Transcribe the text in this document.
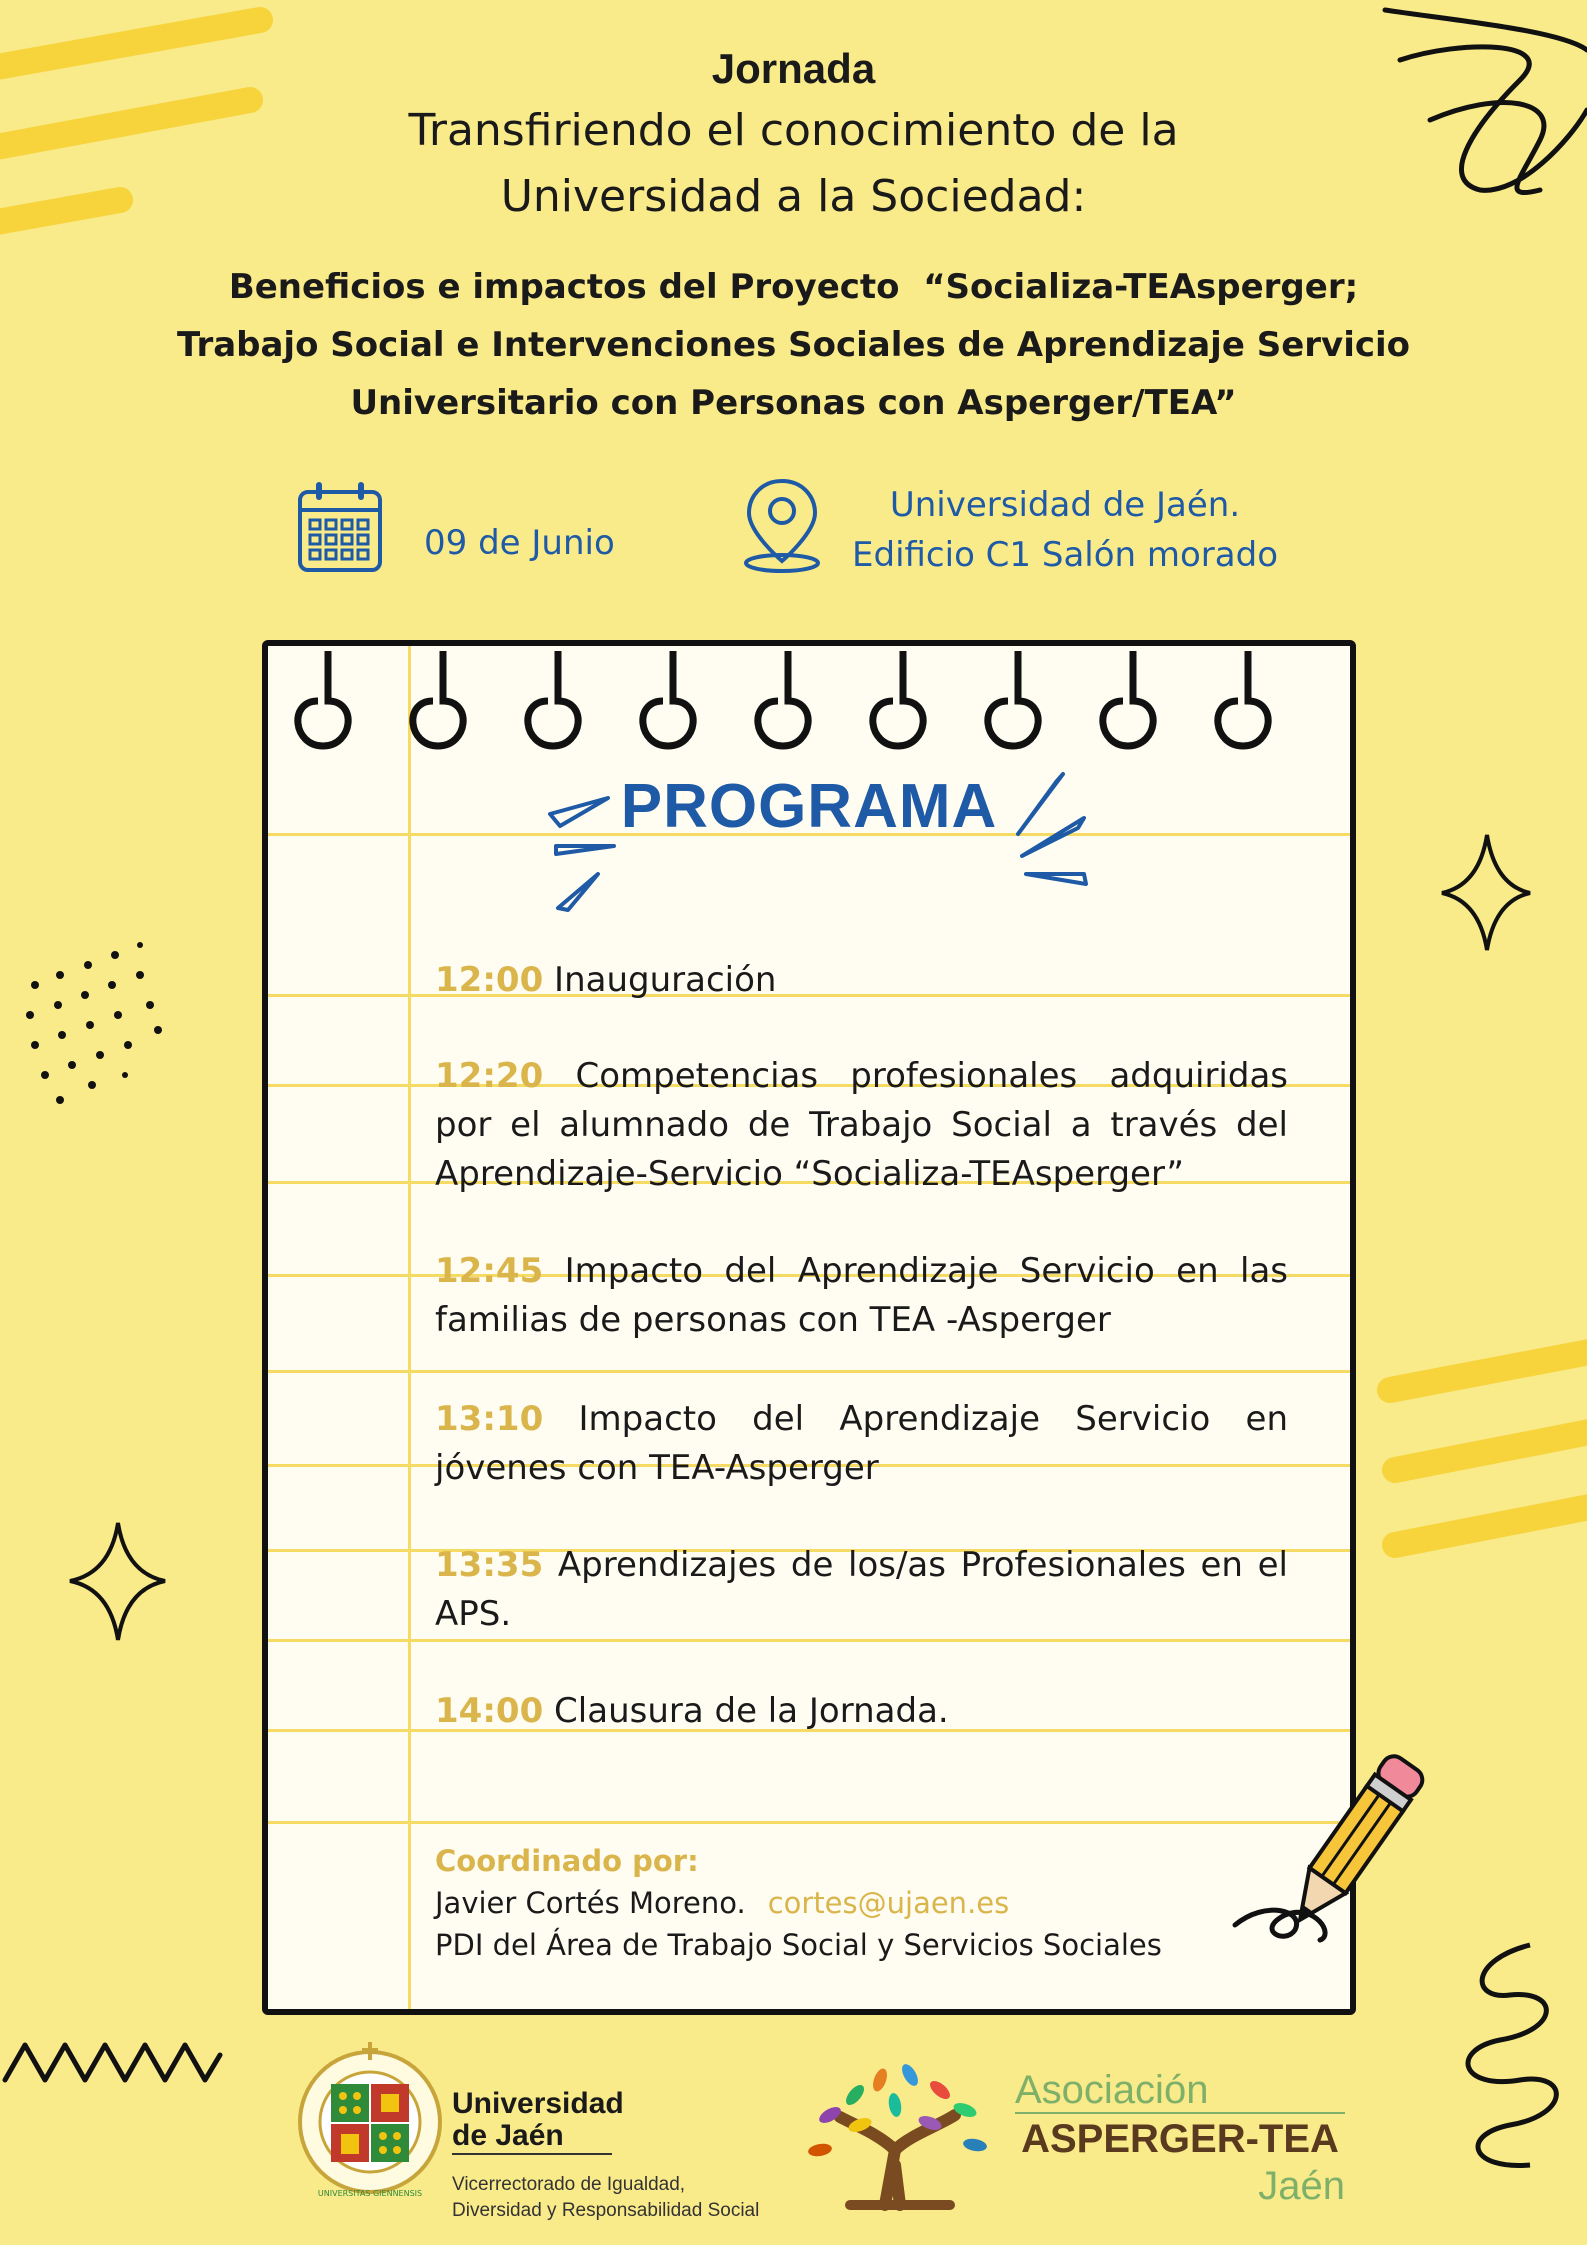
Jornada
Transfiriendo el conocimiento de la
Universidad a la Sociedad:
Beneficios e impactos del Proyecto  “Socializa-TEAsperger;
Trabajo Social e Intervenciones Sociales de Aprendizaje Servicio
Universitario con Personas con Asperger/TEA”
09 de Junio
Universidad de Jaén.
Edificio C1 Salón morado
PROGRAMA
12:00 Inauguración
12:20 Competencias profesionales adquiridas por el alumnado de Trabajo Social a través del Aprendizaje-Servicio “Socializa-TEAsperger”
12:45 Impacto del Aprendizaje Servicio en las familias de personas con TEA -Asperger
13:10 Impacto del Aprendizaje Servicio en jóvenes con TEA-Asperger
13:35 Aprendizajes de los/as Profesionales en el APS.
14:00 Clausura de la Jornada.
Coordinado por:
Javier Cortés Moreno. cortes@ujaen.es
PDI del Área de Trabajo Social y Servicios Sociales
UNIVERSITAS GIENNENSIS
Universidad
de Jaén
Vicerrectorado de Igualdad,
Diversidad y Responsabilidad Social
Asociación
ASPERGER-TEA
Jaén
